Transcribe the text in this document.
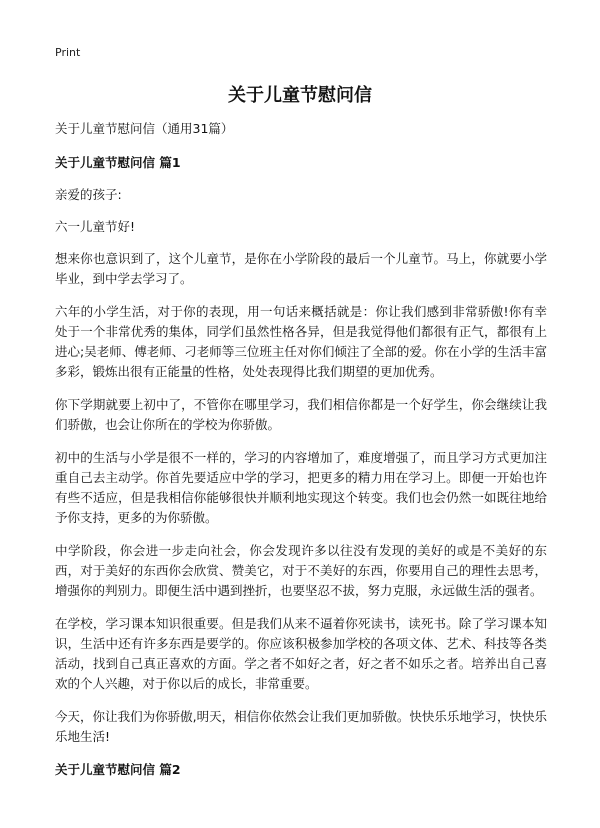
Print
关于儿童节慰问信

关于儿童节慰问信（通用31篇）

关于儿童节慰问信 篇1

亲爱的孩子:

六一儿童节好!

想来你也意识到了，这个儿童节，是你在小学阶段的最后一个儿童节。马上，你就要小学毕业，到中学去学习了。

六年的小学生活，对于你的表现，用一句话来概括就是：你让我们感到非常骄傲!你有幸处于一个非常优秀的集体，同学们虽然性格各异，但是我觉得他们都很有正气，都很有上进心;吴老师、傅老师、刁老师等三位班主任对你们倾注了全部的爱。你在小学的生活丰富多彩，锻炼出很有正能量的性格，处处表现得比我们期望的更加优秀。

你下学期就要上初中了，不管你在哪里学习，我们相信你都是一个好学生，你会继续让我们骄傲，也会让你所在的学校为你骄傲。

初中的生活与小学是很不一样的，学习的内容增加了，难度增强了，而且学习方式更加注重自己去主动学。你首先要适应中学的学习，把更多的精力用在学习上。即便一开始也许有些不适应，但是我相信你能够很快并顺利地实现这个转变。我们也会仍然一如既往地给予你支持，更多的为你骄傲。

中学阶段，你会进一步走向社会，你会发现许多以往没有发现的美好的或是不美好的东西，对于美好的东西你会欣赏、赞美它，对于不美好的东西，你要用自己的理性去思考，增强你的判别力。即便生活中遇到挫折，也要坚忍不拔，努力克服，永远做生活的强者。

在学校，学习课本知识很重要。但是我们从来不逼着你死读书，读死书。除了学习课本知识，生活中还有许多东西是要学的。你应该积极参加学校的各项文体、艺术、科技等各类活动，找到自己真正喜欢的方面。学之者不如好之者，好之者不如乐之者。培养出自己喜欢的个人兴趣，对于你以后的成长，非常重要。

今天，你让我们为你骄傲,明天，相信你依然会让我们更加骄傲。快快乐乐地学习，快快乐乐地生活!

关于儿童节慰问信 篇2
